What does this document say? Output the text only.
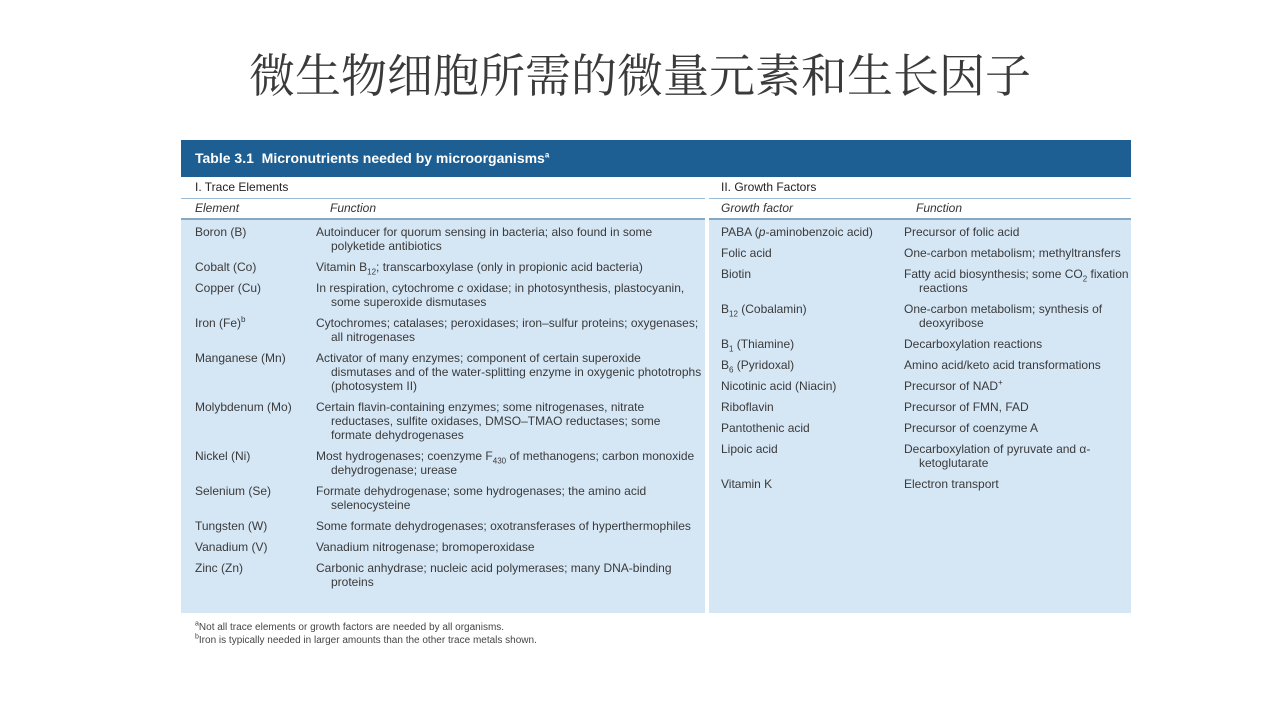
微生物细胞所需的微量元素和生长因子
Table 3.1 Micronutrients needed by microorganisms$^a$
I. Trace Elements
Element	Function
Boron (B)	Autoinducer for quorum sensing in bacteria; also found in some polyketide antibiotics
Cobalt (Co)	Vitamin $B_{12}$; transcarboxylase (only in propionic acid bacteria)
Copper (Cu)	In respiration, cytochrome c oxidase; in photosynthesis, plastocyanin, some superoxide dismutases
Iron $(Fe)^b$	Cytochromes; catalases; peroxidases; iron–sulfur proteins; oxygenases; all nitrogenases
Manganese (Mn)	Activator of many enzymes; component of certain superoxide dismutases and of the water-splitting enzyme in oxygenic phototrophs (photosystem II)
Molybdenum (Mo)	Certain flavin-containing enzymes; some nitrogenases, nitrate reductases, sulfite oxidases, DMSO–TMAO reductases; some formate dehydrogenases
Nickel (Ni)	Most hydrogenases; coenzyme $F_{430}$ of methanogens; carbon monoxide dehydrogenase; urease
Selenium (Se)	Formate dehydrogenase; some hydrogenases; the amino acid selenocysteine
Tungsten (W)	Some formate dehydrogenases; oxotransferases of hyperthermophiles
Vanadium (V)	Vanadium nitrogenase; bromoperoxidase
Zinc (Zn)	Carbonic anhydrase; nucleic acid polymerases; many DNA-binding proteins
II. Growth Factors
Growth factor	Function
PABA (p-aminobenzoic acid)	Precursor of folic acid
Folic acid	One-carbon metabolism; methyltransfers
Biotin	Fatty acid biosynthesis; some $CO_2$ fixation reactions
$B_{12}$ (Cobalamin)	One-carbon metabolism; synthesis of deoxyribose
$B_1$ (Thiamine)	Decarboxylation reactions
$B_6$ (Pyridoxal)	Amino acid/keto acid transformations
Nicotinic acid (Niacin)	Precursor of NAD+
Riboflavin	Precursor of FMN, FAD
Pantothenic acid	Precursor of coenzyme A
Lipoic acid	Decarboxylation of pyruvate and α-ketoglutarate
Vitamin K	Electron transport
$^a$Not all trace elements or growth factors are needed by all organisms.
$^b$Iron is typically needed in larger amounts than the other trace metals shown.
